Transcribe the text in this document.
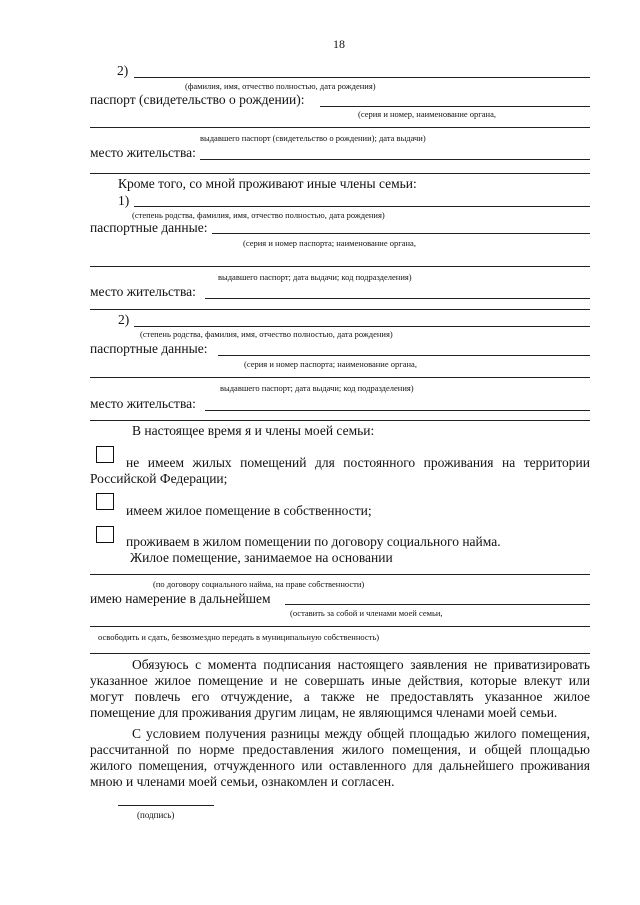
18
2)
(фамилия, имя, отчество полностью, дата рождения)
паспорт (свидетельство о рождении):
(серия и номер, наименование органа,
выдавшего паспорт (свидетельство о рождении); дата выдачи)
место жительства:
Кроме того, со мной проживают иные члены семьи:
1)
(степень родства, фамилия, имя, отчество полностью, дата рождения)
паспортные данные:
(серия и номер паспорта; наименование органа,
выдавшего паспорт; дата выдачи; код подразделения)
место жительства:
2)
(степень родства, фамилия, имя, отчество полностью, дата рождения)
паспортные данные:
(серия и номер паспорта; наименование органа,
выдавшего паспорт; дата выдачи; код подразделения)
место жительства:
В настоящее время я и члены моей семьи:
не имеем жилых помещений для постоянного проживания на территории
Российской Федерации;
имеем жилое помещение в собственности;
проживаем в жилом помещении по договору социального найма.
Жилое помещение, занимаемое на основании
(по договору социального найма, на праве собственности)
имею намерение в дальнейшем
(оставить за собой и членами моей семьи,
освободить и сдать, безвозмездно передать в муниципальную собственность)
Обязуюсь с момента подписания настоящего заявления не приватизировать
указанное жилое помещение и не совершать иные действия, которые влекут или
могут повлечь его отчуждение, а также не предоставлять указанное жилое
помещение для проживания другим лицам, не являющимся членами моей семьи.
С условием получения разницы между общей площадью жилого помещения,
рассчитанной по норме предоставления жилого помещения, и общей площадью
жилого помещения, отчужденного или оставленного для дальнейшего проживания
мною и членами моей семьи, ознакомлен и согласен.
(подпись)
